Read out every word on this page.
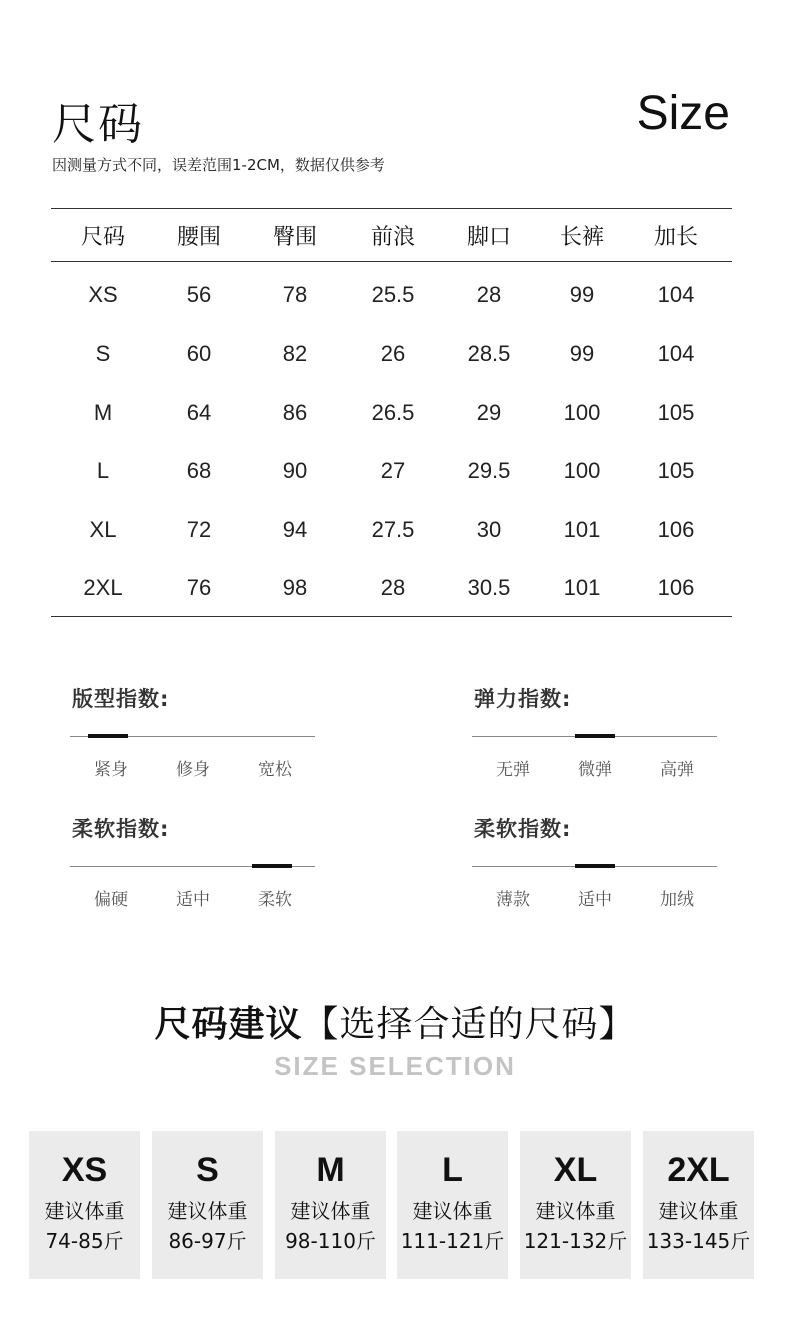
尺码	Size
因测量方式不同，误差范围1-2CM，数据仅供参考
尺码	腰围	臀围	前浪	脚口	长裤	加长
XS	56	78	25.5	28	99	104
S	60	82	26	28.5	99	104
M	64	86	26.5	29	100	105
L	68	90	27	29.5	100	105
XL	72	94	27.5	30	101	106
2XL	76	98	28	30.5	101	106
版型指数:
紧身	修身	宽松
弹力指数:
无弹	微弹	高弹
柔软指数:
偏硬	适中	柔软
柔软指数:
薄款	适中	加绒
尺码建议【选择合适的尺码】
SIZE SELECTION
XS
建议体重
74-85斤
S
建议体重
86-97斤
M
建议体重
98-110斤
L
建议体重
111-121斤
XL
建议体重
121-132斤
2XL
建议体重
133-145斤
